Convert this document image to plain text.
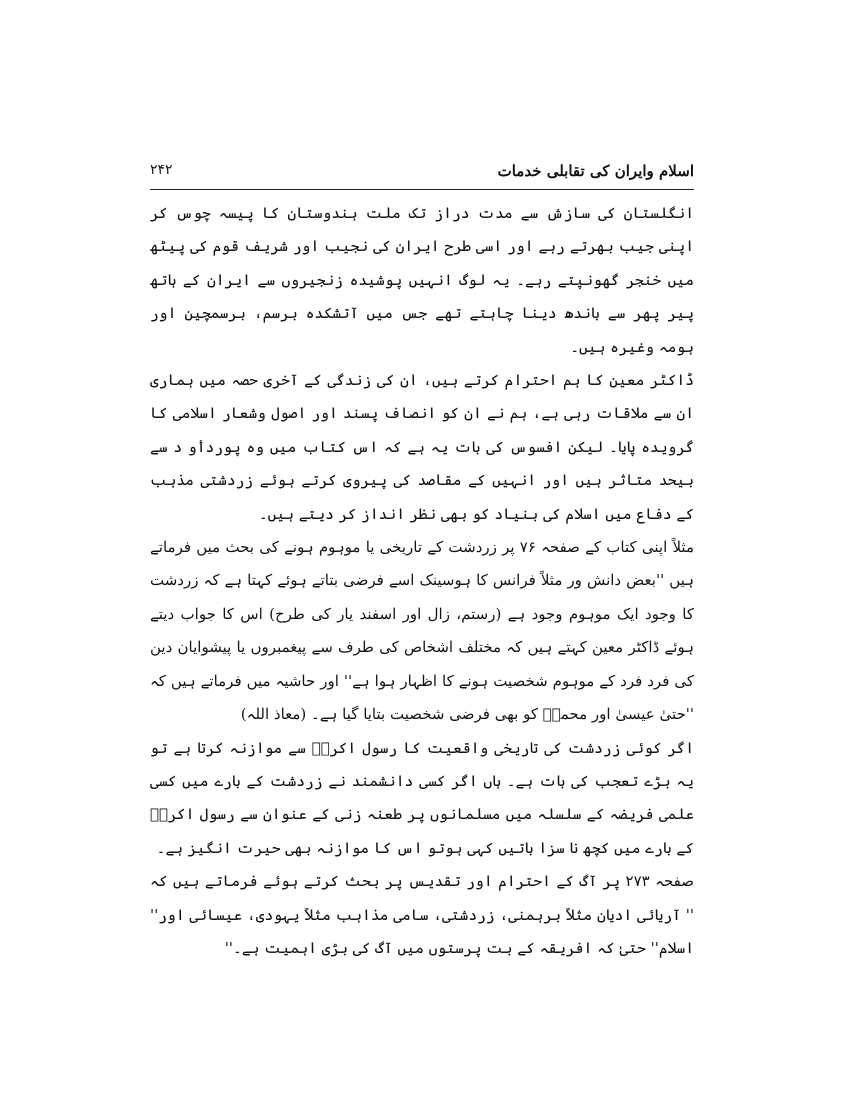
اسلام وایران کی تقابلی خدمات
۲۴۲

انگلستان کی سازش سے مدت دراز تک ملت ہندوستان کا پیسہ چوس کر اپنی جیب بھرتے رہے اور اسی طرح ایران کی نجیب اور شریف قوم کی پیٹھ میں خنجر گھونپتے رہے۔ یہ لوگ انہیں پوشیدہ زنجیروں سے ایران کے ہاتھ پیر پھر سے باندھ دینا چاہتے تھے جس میں آتشکدہ برسم، برسمچین اور ہومہ وغیرہ ہیں۔

ڈاکٹر معین کا ہم احترام کرتے ہیں، ان کی زندگی کے آخری حصہ میں ہماری ان سے ملاقات رہی ہے، ہم نے ان کو انصاف پسند اور اصول وشعار اسلامی کا گرویدہ پایا۔ لیکن افسوس کی بات یہ ہے کہ اس کتاب میں وہ پوردأو د سے بیحد متاثر ہیں اور انہیں کے مقاصد کی پیروی کرتے ہوئے زردشتی مذہب کے دفاع میں اسلام کی بنیاد کو بھی نظر انداز کر دیتے ہیں۔

مثلاً اپنی کتاب کے صفحہ ۷۶ پر زردشت کے تاریخی یا موہوم ہونے کی بحث میں فرماتے ہیں ''بعض دانش ور مثلاً فرانس کا ہوسینک اسے فرضی بتاتے ہوئے کہتا ہے کہ زردشت کا وجود ایک موہوم وجود ہے (رستم، زال اور اسفند یار کی طرح) اس کا جواب دیتے ہوئے ڈاکٹر معین کہتے ہیں کہ مختلف اشخاص کی طرف سے پیغمبروں یا پیشوایان دین کی فرد فرد کے موہوم شخصیت ہونے کا اظہار ہوا ہے'' اور حاشیہ میں فرماتے ہیں کہ ''حتیٰ عیسیٰ اور محمدؐ کو بھی فرضی شخصیت بتایا گیا ہے۔ (معاذ اللہ)

اگر کوئی زردشت کی تاریخی واقعیت کا رسول اکرمؐ سے موازنہ کرتا ہے تو یہ بڑے تعجب کی بات ہے۔ ہاں اگر کسی دانشمند نے زردشت کے بارے میں کسی علمی فریضہ کے سلسلہ میں مسلمانوں پر طعنہ زنی کے عنوان سے رسول اکرمؐ کے بارے میں کچھ نا سزا باتیں کہی ہوتو اس کا موازنہ بھی حیرت انگیز ہے۔

صفحہ ۲۷۳ پر آگ کے احترام اور تقدیس پر بحث کرتے ہوئے فرماتے ہیں کہ '' آریائی ادیان مثلاً برہمنی، زردشتی، سامی مذاہب مثلاً یہودی، عیسائی اور'' اسلام'' حتیٰ کہ افریقہ کے بت پرستوں میں آگ کی بڑی اہمیت ہے۔''
